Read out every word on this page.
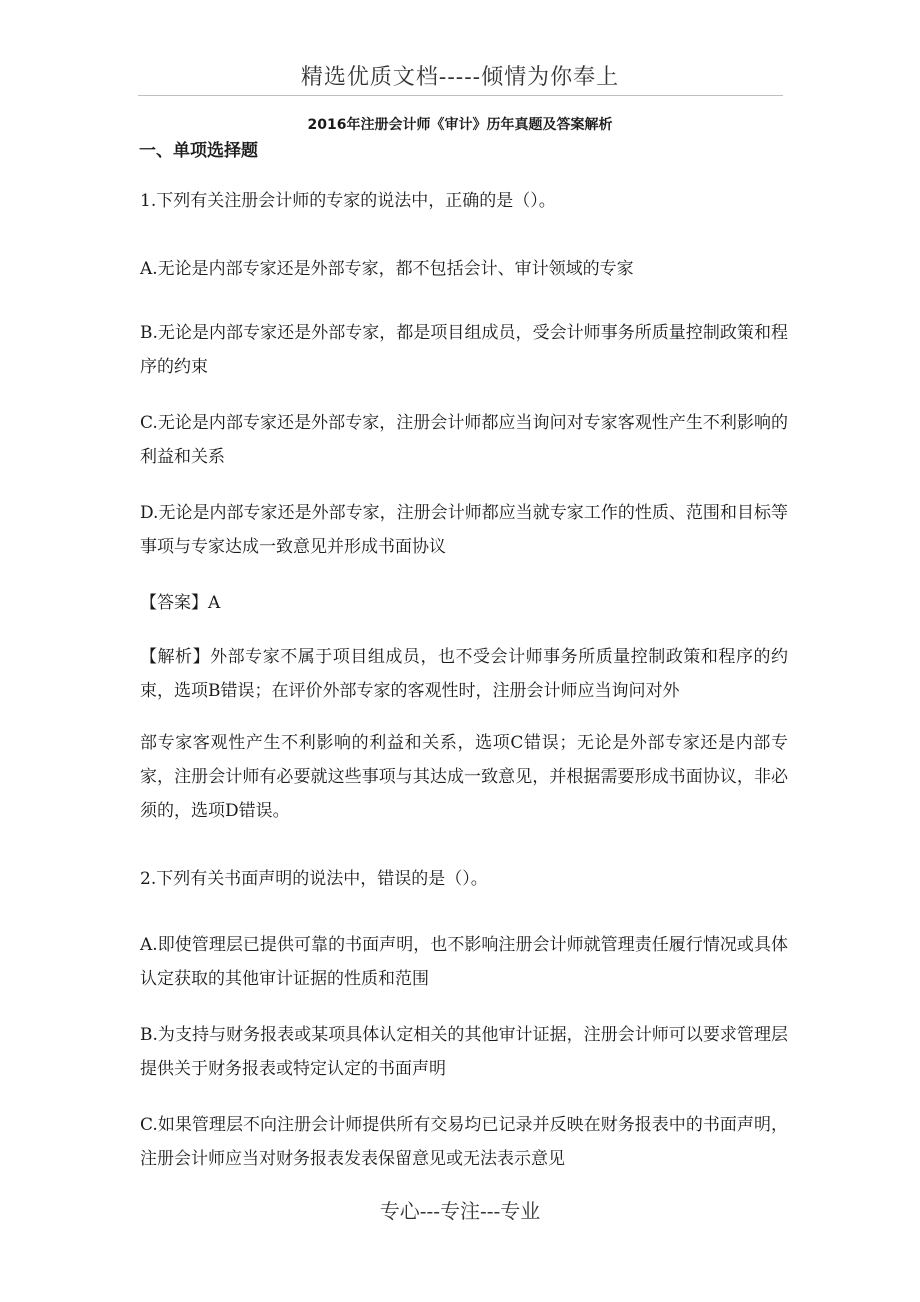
精选优质文档-----倾情为你奉上
2016年注册会计师《审计》历年真题及答案解析
一、单项选择题

1.下列有关注册会计师的专家的说法中，正确的是（）。

A.无论是内部专家还是外部专家，都不包括会计、审计领域的专家

B.无论是内部专家还是外部专家，都是项目组成员，受会计师事务所质量控制政策和程序的约束

C.无论是内部专家还是外部专家，注册会计师都应当询问对专家客观性产生不利影响的利益和关系

D.无论是内部专家还是外部专家，注册会计师都应当就专家工作的性质、范围和目标等事项与专家达成一致意见并形成书面协议

【答案】A

【解析】外部专家不属于项目组成员，也不受会计师事务所质量控制政策和程序的约束，选项B错误；在评价外部专家的客观性时，注册会计师应当询问对外

部专家客观性产生不利影响的利益和关系，选项C错误；无论是外部专家还是内部专家，注册会计师有必要就这些事项与其达成一致意见，并根据需要形成书面协议，非必须的，选项D错误。

2.下列有关书面声明的说法中，错误的是（）。

A.即使管理层已提供可靠的书面声明，也不影响注册会计师就管理责任履行情况或具体认定获取的其他审计证据的性质和范围

B.为支持与财务报表或某项具体认定相关的其他审计证据，注册会计师可以要求管理层提供关于财务报表或特定认定的书面声明

C.如果管理层不向注册会计师提供所有交易均已记录并反映在财务报表中的书面声明，注册会计师应当对财务报表发表保留意见或无法表示意见

专心---专注---专业
